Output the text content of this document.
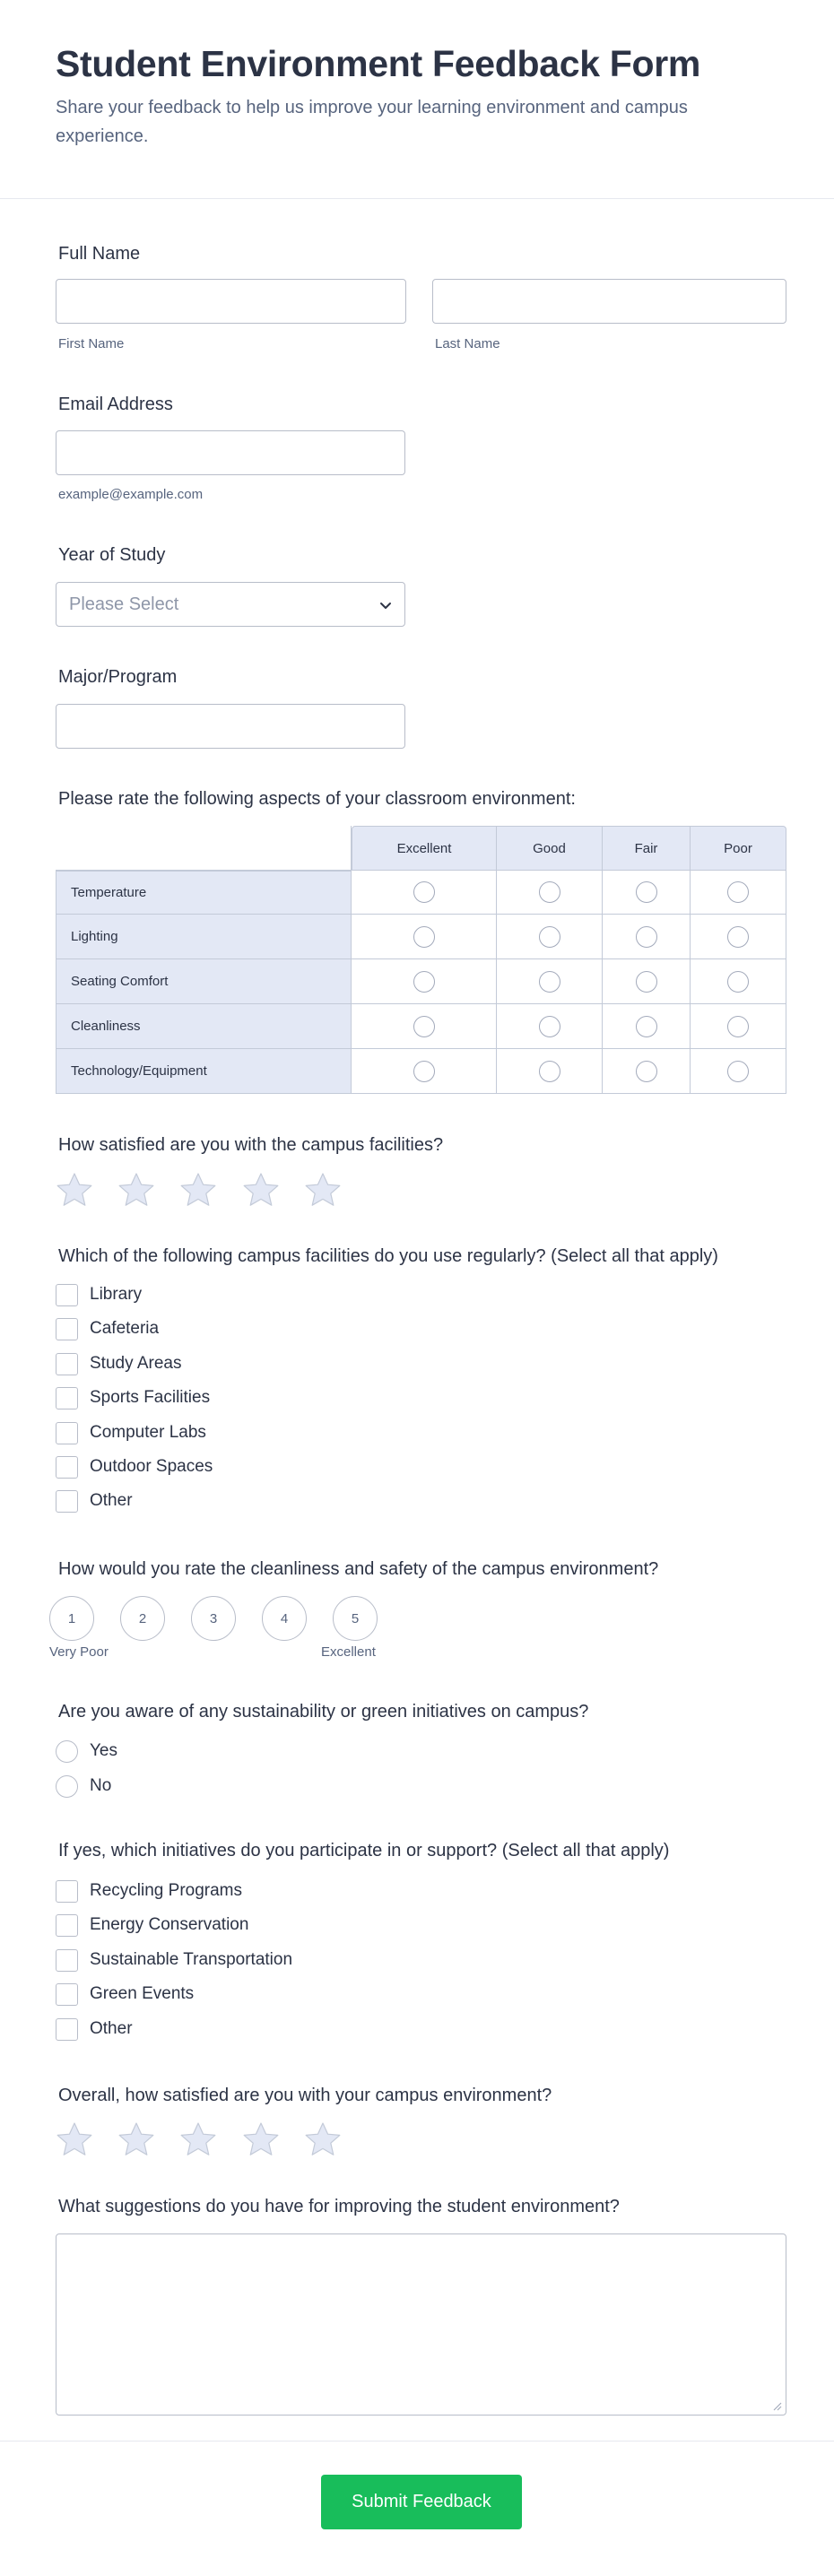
Student Environment Feedback Form
Share your feedback to help us improve your learning environment and campus experience.
Full Name
First Name	Last Name
Email Address
example@example.com
Year of Study
Please Select
Major/Program
Please rate the following aspects of your classroom environment:
Excellent	Good	Fair	Poor
Temperature
Lighting
Seating Comfort
Cleanliness
Technology/Equipment
How satisfied are you with the campus facilities?
Which of the following campus facilities do you use regularly? (Select all that apply)
Library
Cafeteria
Study Areas
Sports Facilities
Computer Labs
Outdoor Spaces
Other
How would you rate the cleanliness and safety of the campus environment?
1	2	3	4	5
Very Poor	Excellent
Are you aware of any sustainability or green initiatives on campus?
Yes
No
If yes, which initiatives do you participate in or support? (Select all that apply)
Recycling Programs
Energy Conservation
Sustainable Transportation
Green Events
Other
Overall, how satisfied are you with your campus environment?
What suggestions do you have for improving the student environment?
Submit Feedback
